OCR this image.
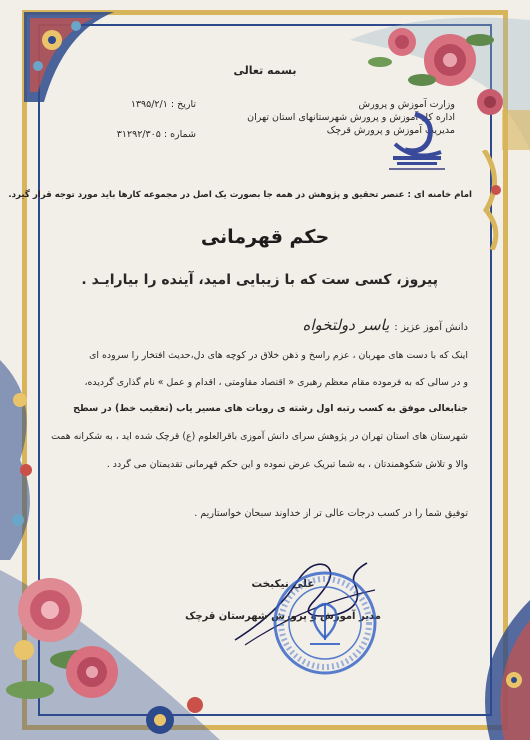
بسمه تعالی
وزارت آموزش و پرورش
اداره کل آموزش و پرورش شهرستانهای استان تهران
مدیریت آموزش و پرورش قرچک
تاریخ : ۱۳۹۵/۲/۱
شماره : ۳۱۲۹۲/۳۰۵
امام خامنه ای : عنصر تحقیق و پژوهش در همه جا بصورت یک اصل در مجموعه کارها باید مورد توجه قرار گیرد.
حکم قهرمانی
پیروز، کسی ست که با زیبایی امید، آینده را بیارایـد .
دانش آموز عزیز : یاسر دولتخواه
اینک که با دست های مهربان ، عزم راسخ و ذهن خلاق در کوچه های دل،حدیث افتخار را سروده ای
و در سالی که به فرموده مقام معظم رهبری « اقتصاد مقاومتی ، اقدام و عمل » نام گذاری گردیده،
جنابعالی موفق به کسب رتبه اول رشته ی روبات های مسیر یاب (تعقیب خط) در سطح
شهرستان های استان تهران در پژوهش سرای دانش آموزی باقرالعلوم (ع) قرچک شده اید ، به شکرانه همت
والا و تلاش شکوهمندتان ، به شما تبریک عرض نموده و این حکم قهرمانی تقدیمتان می گردد .
توفیق شما را در کسب درجات عالی تر از خداوند سبحان خواستاریم .
علی نیکبخت
مدیر آموزش و پرورش شهرستان قرچک
